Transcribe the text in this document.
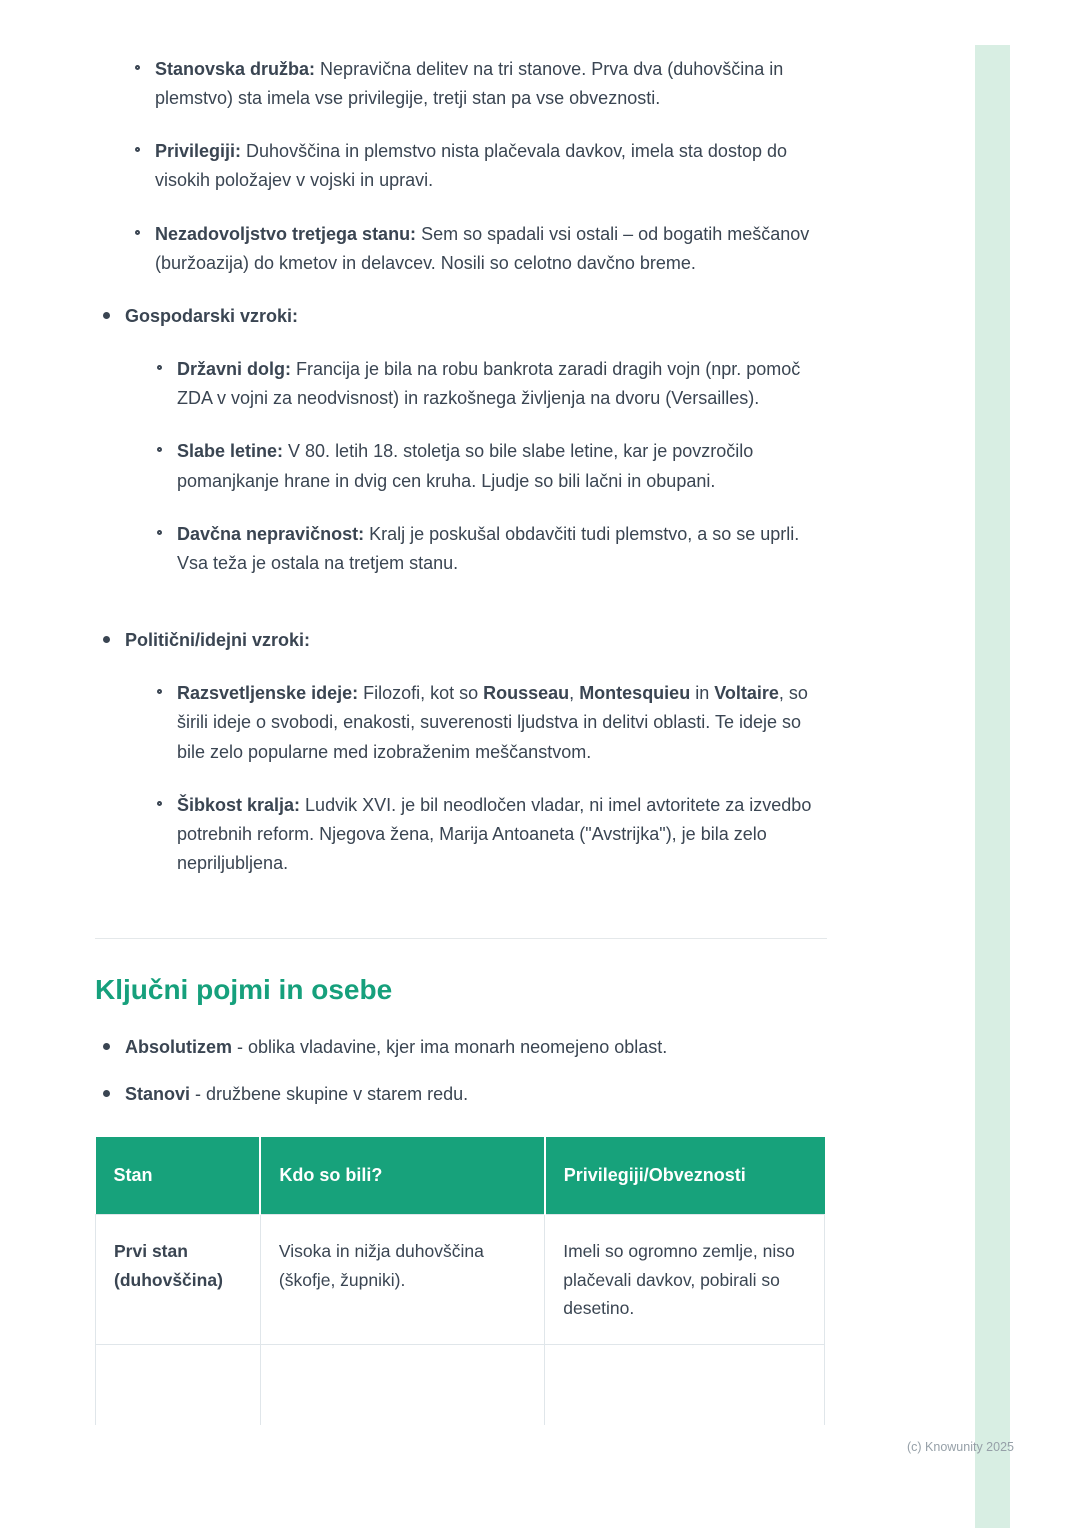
Stanovska družba: Nepravična delitev na tri stanove. Prva dva (duhovščina in plemstvo) sta imela vse privilegije, tretji stan pa vse obveznosti.
Privilegiji: Duhovščina in plemstvo nista plačevala davkov, imela sta dostop do visokih položajev v vojski in upravi.
Nezadovoljstvo tretjega stanu: Sem so spadali vsi ostali – od bogatih meščanov (buržoazija) do kmetov in delavcev. Nosili so celotno davčno breme.
Gospodarski vzroki:
Državni dolg: Francija je bila na robu bankrota zaradi dragih vojn (npr. pomoč ZDA v vojni za neodvisnost) in razkošnega življenja na dvoru (Versailles).
Slabe letine: V 80. letih 18. stoletja so bile slabe letine, kar je povzročilo pomanjkanje hrane in dvig cen kruha. Ljudje so bili lačni in obupani.
Davčna nepravičnost: Kralj je poskušal obdavčiti tudi plemstvo, a so se uprli. Vsa teža je ostala na tretjem stanu.
Politični/idejni vzroki:
Razsvetljenske ideje: Filozofi, kot so Rousseau, Montesquieu in Voltaire, so širili ideje o svobodi, enakosti, suverenosti ljudstva in delitvi oblasti. Te ideje so bile zelo popularne med izobraženim meščanstvom.
Šibkost kralja: Ludvik XVI. je bil neodločen vladar, ni imel avtoritete za izvedbo potrebnih reform. Njegova žena, Marija Antoaneta ("Avstrijka"), je bila zelo nepriljubljena.
Ključni pojmi in osebe
Absolutizem - oblika vladavine, kjer ima monarh neomejeno oblast.
Stanovi - družbene skupine v starem redu.
Stan	Kdo so bili?	Privilegiji/Obveznosti
Prvi stan (duhovščina)	Visoka in nižja duhovščina (škofje, župniki).	Imeli so ogromno zemlje, niso plačevali davkov, pobirali so desetino.

(c) Knowunity 2025
